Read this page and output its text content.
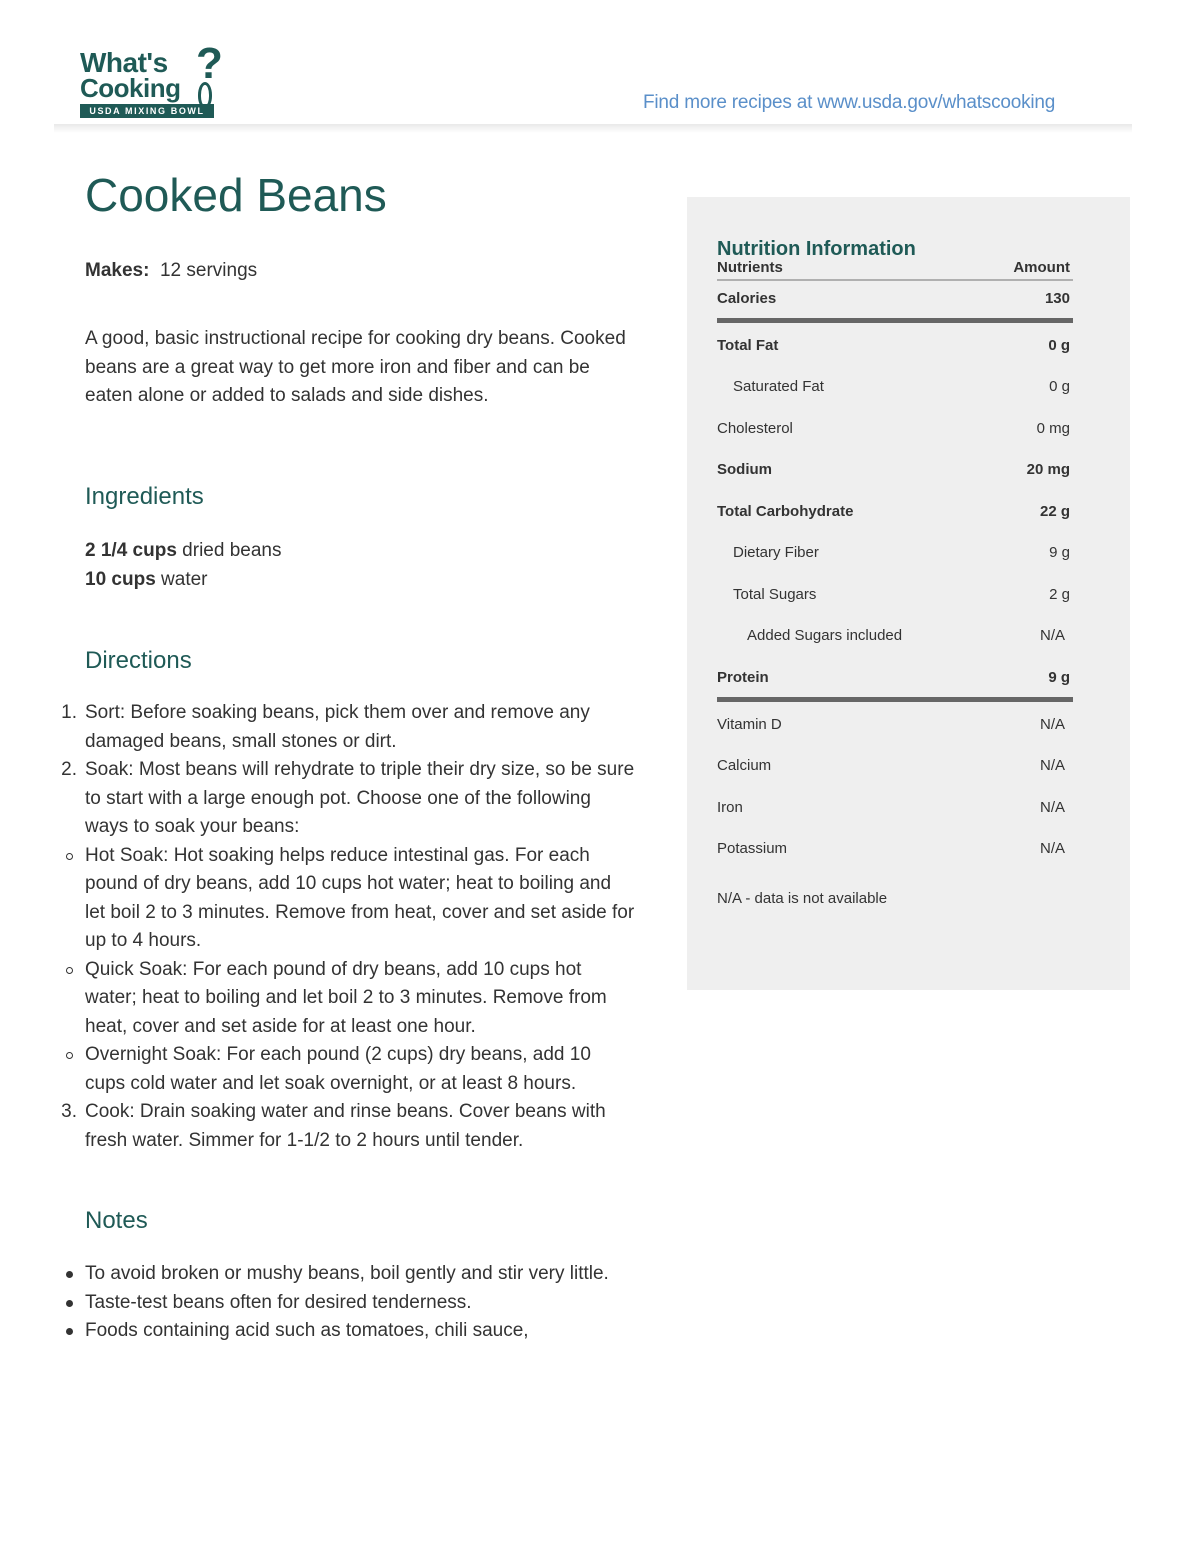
What's
Cooking ?
USDA MIXING BOWL	Find more recipes at www.usda.gov/whatscooking
Cooked Beans
Makes: 12 servings

A good, basic instructional recipe for cooking dry beans. Cooked beans are a great way to get more iron and fiber and can be eaten alone or added to salads and side dishes.

Ingredients
2 1/4 cups dried beans
10 cups water
Directions
1. Sort: Before soaking beans, pick them over and remove any damaged beans, small stones or dirt.
2. Soak: Most beans will rehydrate to triple their dry size, so be sure to start with a large enough pot. Choose one of the following ways to soak your beans:
Hot Soak: Hot soaking helps reduce intestinal gas. For each pound of dry beans, add 10 cups hot water; heat to boiling and let boil 2 to 3 minutes. Remove from heat, cover and set aside for up to 4 hours.
Quick Soak: For each pound of dry beans, add 10 cups hot water; heat to boiling and let boil 2 to 3 minutes. Remove from heat, cover and set aside for at least one hour.
Overnight Soak: For each pound (2 cups) dry beans, add 10 cups cold water and let soak overnight, or at least 8 hours.
3. Cook: Drain soaking water and rinse beans. Cover beans with fresh water. Simmer for 1-1/2 to 2 hours until tender.
Notes
To avoid broken or mushy beans, boil gently and stir very little.
Taste-test beans often for desired tenderness.
Foods containing acid such as tomatoes, chili sauce,
Nutrition Information
Nutrients	Amount
Calories	130
Total Fat	0 g
Saturated Fat	0 g
Cholesterol	0 mg
Sodium	20 mg
Total Carbohydrate	22 g
Dietary Fiber	9 g
Total Sugars	2 g
Added Sugars included	N/A
Protein	9 g
Vitamin D	N/A
Calcium	N/A
Iron	N/A
Potassium	N/A
N/A - data is not available
